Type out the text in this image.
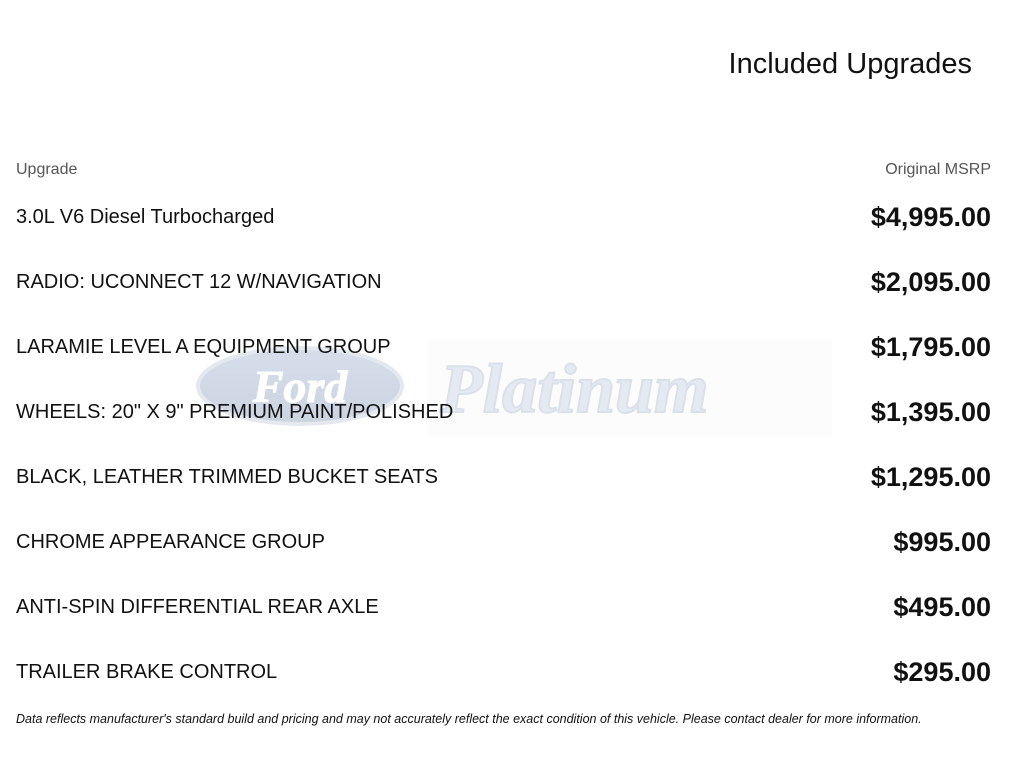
Included Upgrades
Ford Platinum
Upgrade	Original MSRP
3.0L V6 Diesel Turbocharged	$4,995.00
RADIO: UCONNECT 12 W/NAVIGATION	$2,095.00
LARAMIE LEVEL A EQUIPMENT GROUP	$1,795.00
WHEELS: 20" X 9" PREMIUM PAINT/POLISHED	$1,395.00
BLACK, LEATHER TRIMMED BUCKET SEATS	$1,295.00
CHROME APPEARANCE GROUP	$995.00
ANTI-SPIN DIFFERENTIAL REAR AXLE	$495.00
TRAILER BRAKE CONTROL	$295.00
Data reflects manufacturer's standard build and pricing and may not accurately reflect the exact condition of this vehicle. Please contact dealer for more information.
